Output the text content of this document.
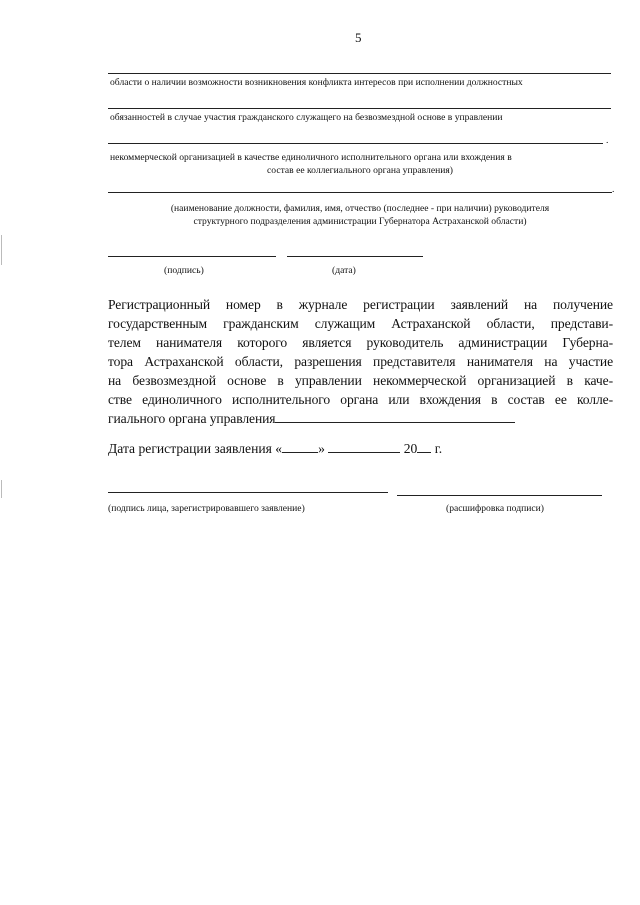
5
области о наличии возможности возникновения конфликта интересов при исполнении должностных
обязанностей в случае участия гражданского служащего на безвозмездной основе в управлении
.
некоммерческой организацией в качестве единоличного исполнительного органа или вхождения в
состав ее коллегиального органа управления)
.
(наименование должности, фамилия, имя, отчество (последнее - при наличии) руководителя
структурного подразделения администрации Губернатора Астраханской области)
(подпись)	(дата)
Регистрационный номер в журнале регистрации заявлений на получение
государственным гражданским служащим Астраханской области, представи-
телем нанимателя которого является руководитель администрации Губерна-
тора Астраханской области, разрешения представителя нанимателя на участие
на безвозмездной основе в управлении некоммерческой организацией в каче-
стве единоличного исполнительного органа или вхождения в состав ее колле-
гиального органа управления
Дата регистрации заявления «	»	20 г.
(подпись лица, зарегистрировавшего заявление)	(расшифровка подписи)
